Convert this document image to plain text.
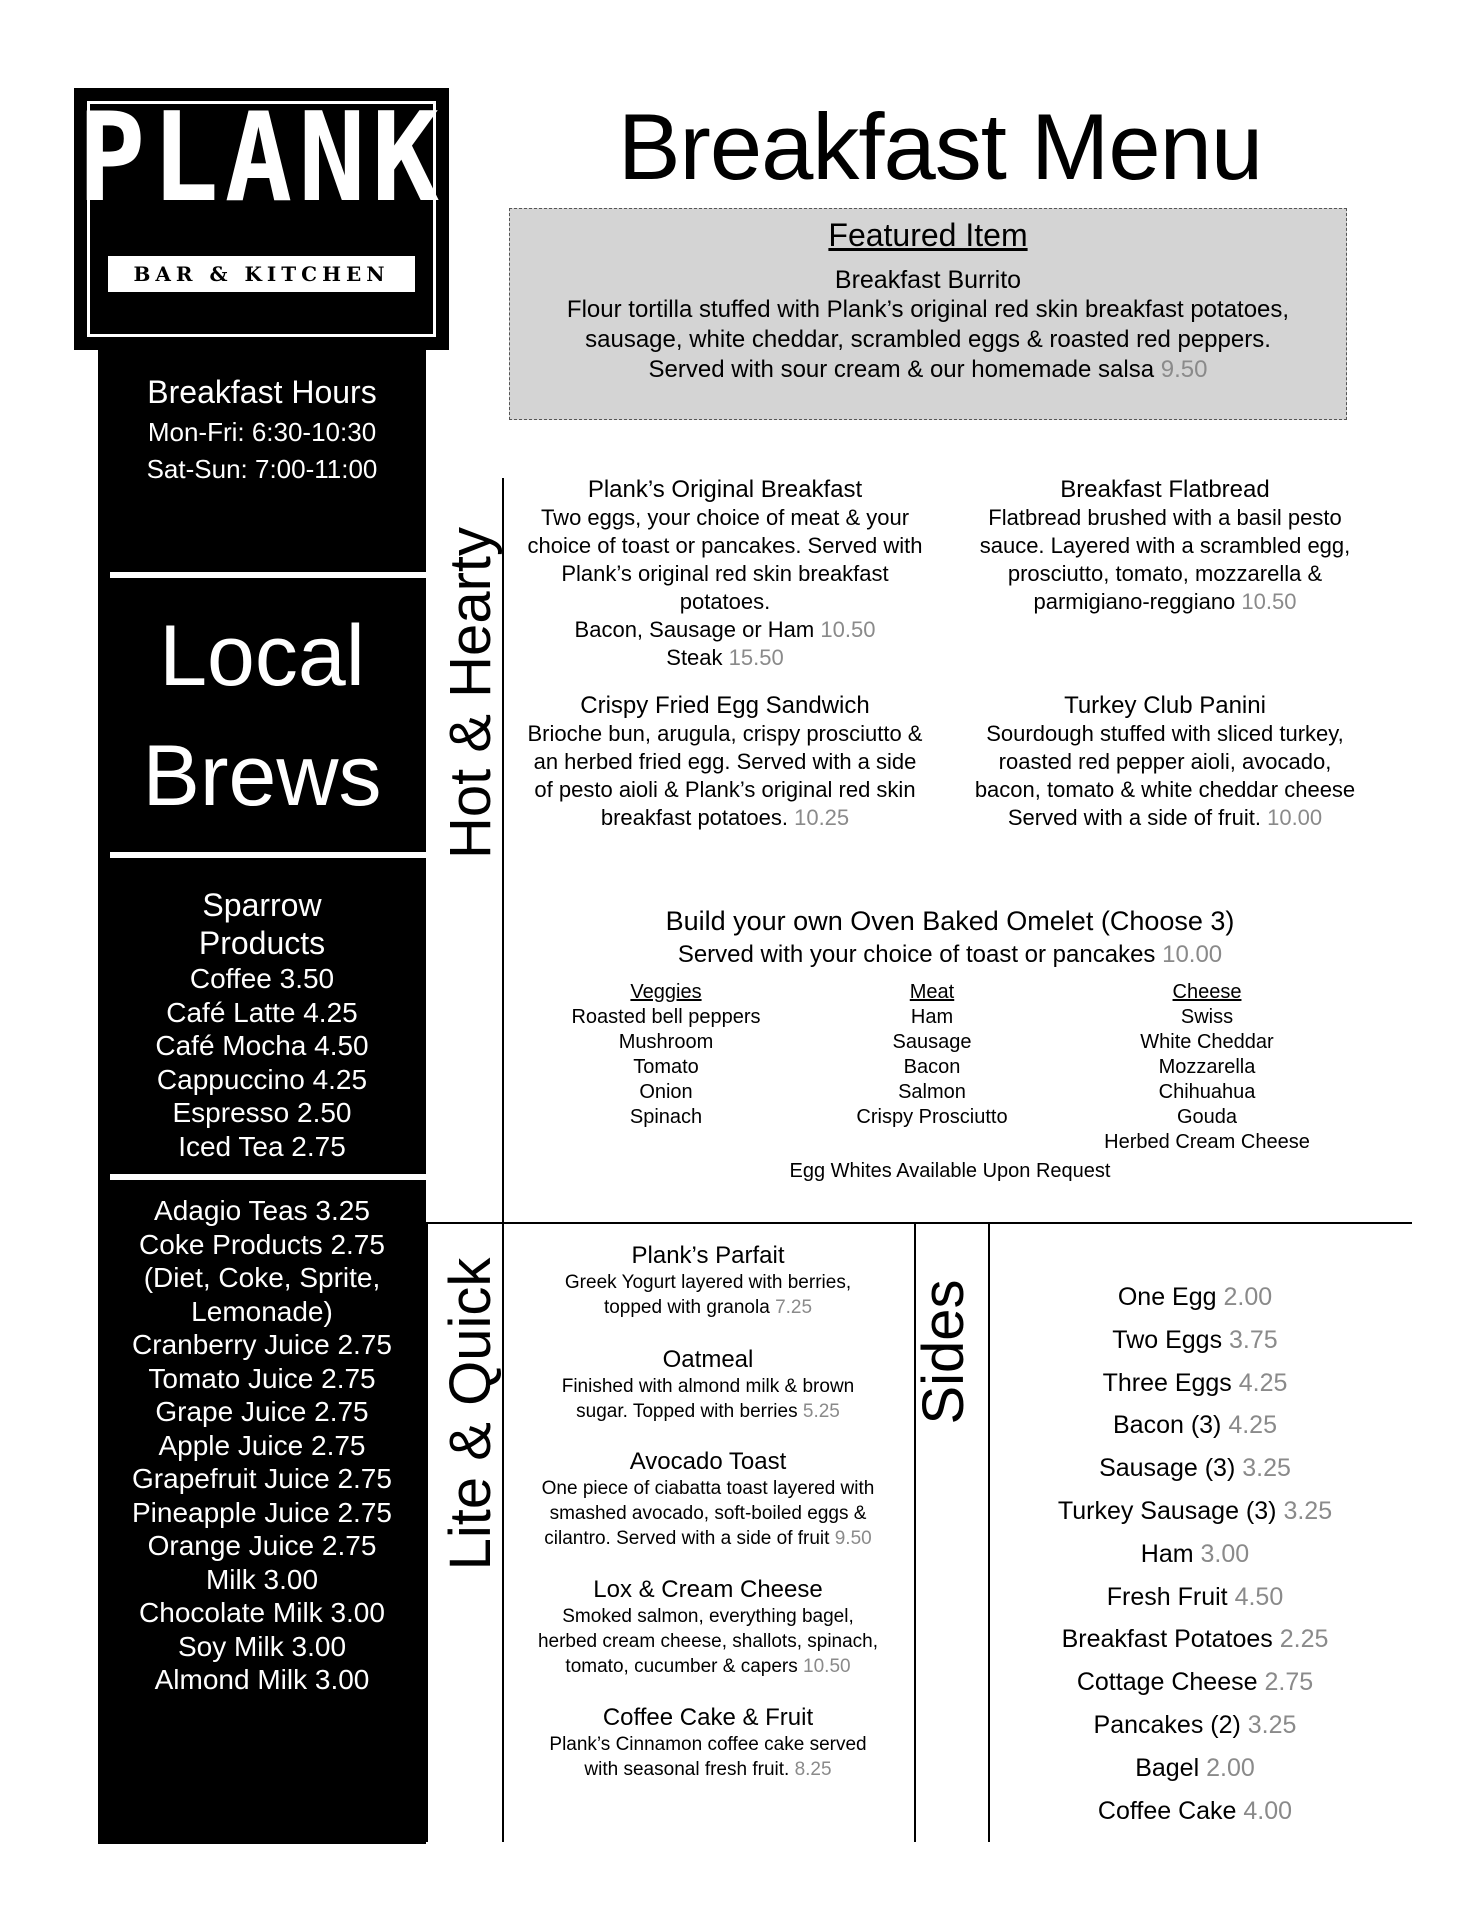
PLANK
BAR & KITCHEN
Breakfast Hours
Mon-Fri: 6:30-10:30
Sat-Sun: 7:00-11:00
Local
Brews
Sparrow
Products
Coffee 3.50
Café Latte 4.25
Café Mocha 4.50
Cappuccino 4.25
Espresso 2.50
Iced Tea 2.75
Adagio Teas 3.25
Coke Products 2.75
(Diet, Coke, Sprite,
Lemonade)
Cranberry Juice 2.75
Tomato Juice 2.75
Grape Juice 2.75
Apple Juice 2.75
Grapefruit Juice 2.75
Pineapple Juice 2.75
Orange Juice 2.75
Milk 3.00
Chocolate Milk 3.00
Soy Milk 3.00
Almond Milk 3.00
Breakfast Menu
Featured Item
Breakfast Burrito
Flour tortilla stuffed with Plank’s original red skin breakfast potatoes,
sausage, white cheddar, scrambled eggs & roasted red peppers.
Served with sour cream & our homemade salsa 9.50
Hot & Hearty
Lite & Quick	Sides
Plank’s Original Breakfast
Two eggs, your choice of meat & your
choice of toast or pancakes. Served with
Plank’s original red skin breakfast
potatoes.
Bacon, Sausage or Ham 10.50
Steak 15.50
Breakfast Flatbread
Flatbread brushed with a basil pesto
sauce. Layered with a scrambled egg,
prosciutto, tomato, mozzarella &
parmigiano-reggiano 10.50
Crispy Fried Egg Sandwich
Brioche bun, arugula, crispy prosciutto &
an herbed fried egg. Served with a side
of pesto aioli & Plank’s original red skin
breakfast potatoes. 10.25
Turkey Club Panini
Sourdough stuffed with sliced turkey,
roasted red pepper aioli, avocado,
bacon, tomato & white cheddar cheese
Served with a side of fruit. 10.00
Build your own Oven Baked Omelet (Choose 3)
Served with your choice of toast or pancakes 10.00
Veggies
Roasted bell peppers
Mushroom
Tomato
Onion
Spinach
Meat
Ham
Sausage
Bacon
Salmon
Crispy Prosciutto
Cheese
Swiss
White Cheddar
Mozzarella
Chihuahua
Gouda
Herbed Cream Cheese
Egg Whites Available Upon Request
Plank’s Parfait
Greek Yogurt layered with berries,
topped with granola 7.25
Oatmeal
Finished with almond milk & brown
sugar. Topped with berries 5.25
Avocado Toast
One piece of ciabatta toast layered with
smashed avocado, soft-boiled eggs &
cilantro. Served with a side of fruit 9.50
Lox & Cream Cheese
Smoked salmon, everything bagel,
herbed cream cheese, shallots, spinach,
tomato, cucumber & capers 10.50
Coffee Cake & Fruit
Plank’s Cinnamon coffee cake served
with seasonal fresh fruit. 8.25
One Egg 2.00
Two Eggs 3.75
Three Eggs 4.25
Bacon (3) 4.25
Sausage (3) 3.25
Turkey Sausage (3) 3.25
Ham 3.00
Fresh Fruit 4.50
Breakfast Potatoes 2.25
Cottage Cheese 2.75
Pancakes (2) 3.25
Bagel 2.00
Coffee Cake 4.00
